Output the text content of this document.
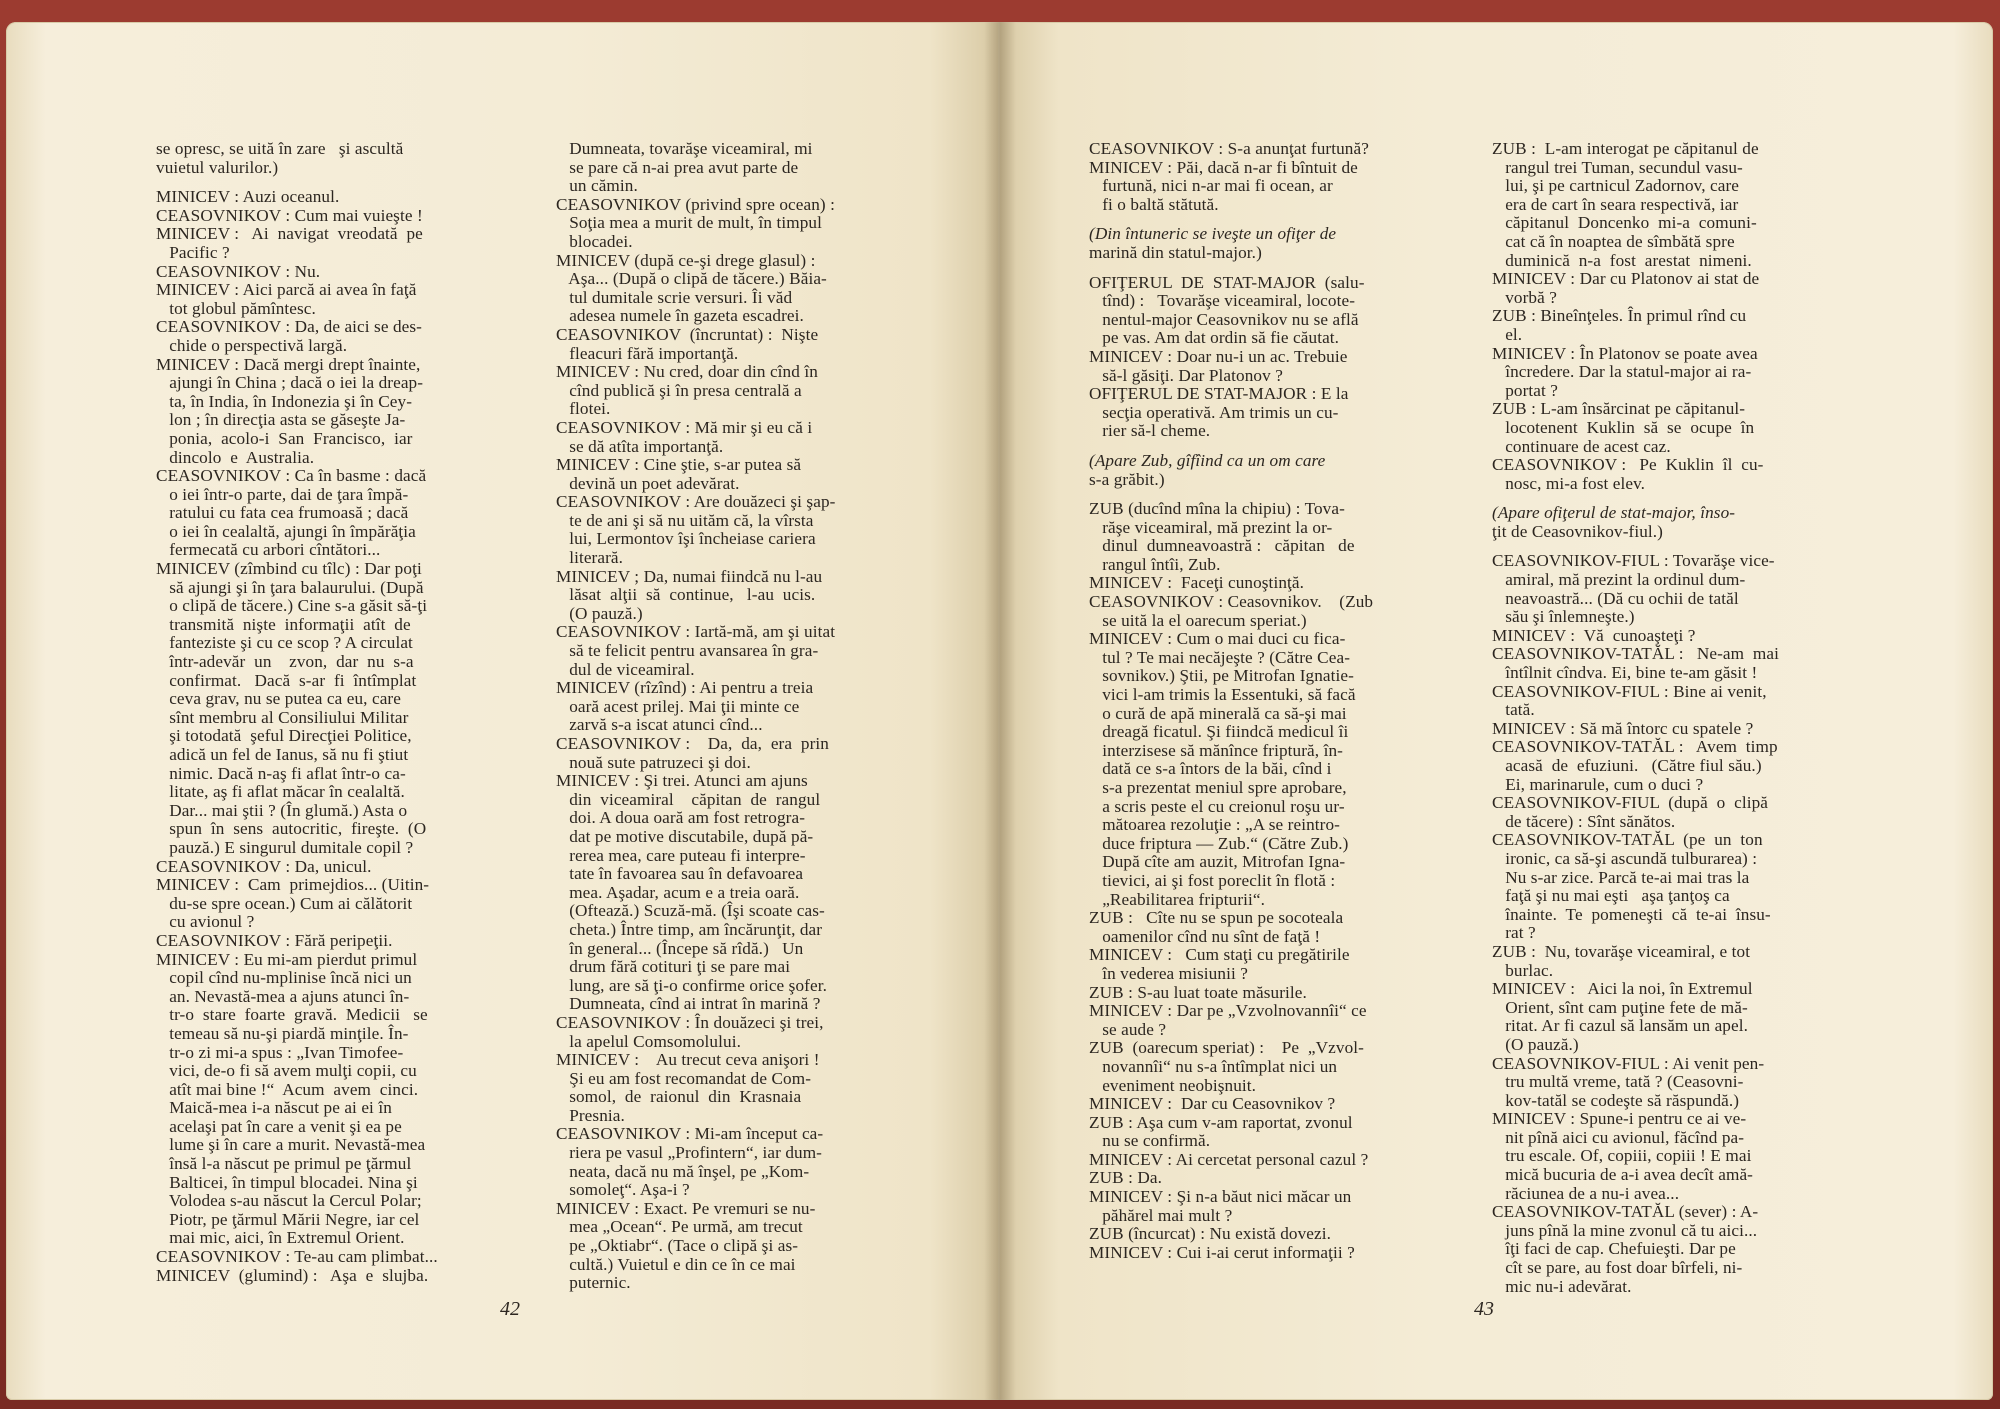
se opresc, se uită în zare   şi ascultă
vuietul valurilor.)
MINICEV : Auzi oceanul.
CEASOVNIKOV : Cum mai vuieşte !
MINICEV :   Ai  navigat  vreodată  pe
Pacific ?
CEASOVNIKOV : Nu.
MINICEV : Aici parcă ai avea în faţă
tot globul pămîntesc.
CEASOVNIKOV : Da, de aici se des-
chide o perspectivă largă.
MINICEV : Dacă mergi drept înainte,
ajungi în China ; dacă o iei la dreap-
ta, în India, în Indonezia şi în Cey-
lon ; în direcţia asta se găseşte Ja-
ponia,  acolo-i  San  Francisco,  iar
dincolo  e  Australia.
CEASOVNIKOV : Ca în basme : dacă
o iei într-o parte, dai de ţara împă-
ratului cu fata cea frumoasă ; dacă
o iei în cealaltă, ajungi în împărăţia
fermecată cu arbori cîntători...
MINICEV (zîmbind cu tîlc) : Dar poţi
să ajungi şi în ţara balaurului. (După
o clipă de tăcere.) Cine s-a găsit să-ţi
transmită  nişte  informaţii  atît  de
fanteziste şi cu ce scop ? A circulat
într-adevăr  un    zvon,  dar  nu  s-a
confirmat.   Dacă  s-ar  fi  întîmplat
ceva grav, nu se putea ca eu, care
sînt membru al Consiliului Militar
şi totodată  şeful Direcţiei Politice,
adică un fel de Ianus, să nu fi ştiut
nimic. Dacă n-aş fi aflat într-o ca-
litate, aş fi aflat măcar în cealaltă.
Dar... mai ştii ? (În glumă.) Asta o
spun  în  sens  autocritic,  fireşte.  (O
pauză.) E singurul dumitale copil ?
CEASOVNIKOV : Da, unicul.
MINICEV :  Cam  primejdios... (Uitin-
du-se spre ocean.) Cum ai călătorit
cu avionul ?
CEASOVNIKOV : Fără peripeţii.
MINICEV : Eu mi-am pierdut primul
copil cînd nu-mplinise încă nici un
an. Nevastă-mea a ajuns atunci în-
tr-o  stare  foarte  gravă.  Medicii   se
temeau să nu-şi piardă minţile. În-
tr-o zi mi-a spus : „Ivan Timofee-
vici, de-o fi să avem mulţi copii, cu
atît mai bine !“  Acum  avem  cinci.
Maică-mea i-a născut pe ai ei în
acelaşi pat în care a venit şi ea pe
lume şi în care a murit. Nevastă-mea
însă l-a născut pe primul pe ţărmul
Balticei, în timpul blocadei. Nina şi
Volodea s-au născut la Cercul Polar;
Piotr, pe ţărmul Mării Negre, iar cel
mai mic, aici, în Extremul Orient.
CEASOVNIKOV : Te-au cam plimbat...
MINICEV  (glumind) :   Aşa  e  slujba.
Dumneata, tovarăşe viceamiral, mi
se pare că n-ai prea avut parte de
un cămin.
CEASOVNIKOV (privind spre ocean) :
Soţia mea a murit de mult, în timpul
blocadei.
MINICEV (după ce-şi drege glasul) :
Aşa... (După o clipă de tăcere.) Băia-
tul dumitale scrie versuri. Îi văd
adesea numele în gazeta escadrei.
CEASOVNIKOV  (încruntat) :  Nişte
fleacuri fără importanţă.
MINICEV : Nu cred, doar din cînd în
cînd publică şi în presa centrală a
flotei.
CEASOVNIKOV : Mă mir şi eu că i
se dă atîta importanţă.
MINICEV : Cine ştie, s-ar putea să
devină un poet adevărat.
CEASOVNIKOV : Are douăzeci şi şap-
te de ani şi să nu uităm că, la vîrsta
lui, Lermontov îşi încheiase cariera
literară.
MINICEV ; Da, numai fiindcă nu l-au
lăsat  alţii  să  continue,   l-au  ucis.
(O pauză.)
CEASOVNIKOV : Iartă-mă, am şi uitat
să te felicit pentru avansarea în gra-
dul de viceamiral.
MINICEV (rîzînd) : Ai pentru a treia
oară acest prilej. Mai ţii minte ce
zarvă s-a iscat atunci cînd...
CEASOVNIKOV :    Da,  da,  era  prin
nouă sute patruzeci şi doi.
MINICEV : Şi trei. Atunci am ajuns
din  viceamiral    căpitan  de  rangul
doi. A doua oară am fost retrogra-
dat pe motive discutabile, după pă-
rerea mea, care puteau fi interpre-
tate în favoarea sau în defavoarea
mea. Aşadar, acum e a treia oară.
(Oftează.) Scuză-mă. (Îşi scoate cas-
cheta.) Între timp, am încărunţit, dar
în general... (Începe să rîdă.)   Un
drum fără cotituri ţi se pare mai
lung, are să ţi-o confirme orice şofer.
Dumneata, cînd ai intrat în marină ?
CEASOVNIKOV : În douăzeci şi trei,
la apelul Comsomolului.
MINICEV :    Au trecut ceva anişori !
Şi eu am fost recomandat de Com-
somol,  de  raionul  din  Krasnaia
Presnia.
CEASOVNIKOV : Mi-am început ca-
riera pe vasul „Profintern“, iar dum-
neata, dacă nu mă înşel, pe „Kom-
somoleţ“. Aşa-i ?
MINICEV : Exact. Pe vremuri se nu-
mea „Ocean“. Pe urmă, am trecut
pe „Oktiabr“. (Tace o clipă şi as-
cultă.) Vuietul e din ce în ce mai
puternic.
42
CEASOVNIKOV : S-a anunţat furtună?
MINICEV : Păi, dacă n-ar fi bîntuit de
furtună, nici n-ar mai fi ocean, ar
fi o baltă stătută.
(Din întuneric se iveşte un ofiţer de
marină din statul-major.)
OFIŢERUL  DE  STAT-MAJOR  (salu-
tînd) :   Tovarăşe viceamiral, locote-
nentul-major Ceasovnikov nu se află
pe vas. Am dat ordin să fie căutat.
MINICEV : Doar nu-i un ac. Trebuie
să-l găsiţi. Dar Platonov ?
OFIŢERUL DE STAT-MAJOR : E la
secţia operativă. Am trimis un cu-
rier să-l cheme.
(Apare Zub, gîfîind ca un om care
s-a grăbit.)
ZUB (ducînd mîna la chipiu) : Tova-
răşe viceamiral, mă prezint la or-
dinul  dumneavoastră :   căpitan   de
rangul întîi, Zub.
MINICEV :  Faceţi cunoştinţă.
CEASOVNIKOV : Ceasovnikov.    (Zub
se uită la el oarecum speriat.)
MINICEV : Cum o mai duci cu fica-
tul ? Te mai necăjeşte ? (Către Cea-
sovnikov.) Ştii, pe Mitrofan Ignatie-
vici l-am trimis la Essentuki, să facă
o cură de apă minerală ca să-şi mai
dreagă ficatul. Şi fiindcă medicul îi
interzisese să mănînce friptură, în-
dată ce s-a întors de la băi, cînd i
s-a prezentat meniul spre aprobare,
a scris peste el cu creionul roşu ur-
mătoarea rezoluţie : „A se reintro-
duce friptura — Zub.“ (Către Zub.)
După cîte am auzit, Mitrofan Igna-
tievici, ai şi fost poreclit în flotă :
„Reabilitarea fripturii“.
ZUB :   Cîte nu se spun pe socoteala
oamenilor cînd nu sînt de faţă !
MINICEV :   Cum staţi cu pregătirile
în vederea misiunii ?
ZUB : S-au luat toate măsurile.
MINICEV : Dar pe „Vzvolnovannîi“ ce
se aude ?
ZUB  (oarecum speriat) :    Pe  „Vzvol-
novannîi“ nu s-a întîmplat nici un
eveniment neobişnuit.
MINICEV :  Dar cu Ceasovnikov ?
ZUB : Aşa cum v-am raportat, zvonul
nu se confirmă.
MINICEV : Ai cercetat personal cazul ?
ZUB : Da.
MINICEV : Şi n-a băut nici măcar un
păhărel mai mult ?
ZUB (încurcat) : Nu există dovezi.
MINICEV : Cui i-ai cerut informaţii ?
ZUB :  L-am interogat pe căpitanul de
rangul trei Tuman, secundul vasu-
lui, şi pe cartnicul Zadornov, care
era de cart în seara respectivă, iar
căpitanul  Doncenko  mi-a  comuni-
cat că în noaptea de sîmbătă spre
duminică  n-a  fost  arestat  nimeni.
MINICEV : Dar cu Platonov ai stat de
vorbă ?
ZUB : Bineînţeles. În primul rînd cu
el.
MINICEV : În Platonov se poate avea
încredere. Dar la statul-major ai ra-
portat ?
ZUB : L-am însărcinat pe căpitanul-
locotenent  Kuklin  să  se  ocupe  în
continuare de acest caz.
CEASOVNIKOV :   Pe  Kuklin  îl  cu-
nosc, mi-a fost elev.
(Apare ofiţerul de stat-major, înso-
ţit de Ceasovnikov-fiul.)
CEASOVNIKOV-FIUL : Tovarăşe vice-
amiral, mă prezint la ordinul dum-
neavoastră... (Dă cu ochii de tatăl
său şi înlemneşte.)
MINICEV :  Vă  cunoaşteţi ?
CEASOVNIKOV-TATĂL :   Ne-am  mai
întîlnit cîndva. Ei, bine te-am găsit !
CEASOVNIKOV-FIUL : Bine ai venit,
tată.
MINICEV : Să mă întorc cu spatele ?
CEASOVNIKOV-TATĂL :   Avem  timp
acasă  de  efuziuni.   (Către fiul său.)
Ei, marinarule, cum o duci ?
CEASOVNIKOV-FIUL  (după  o  clipă
de tăcere) : Sînt sănătos.
CEASOVNIKOV-TATĂL  (pe  un  ton
ironic, ca să-şi ascundă tulburarea) :
Nu s-ar zice. Parcă te-ai mai tras la
faţă şi nu mai eşti   aşa ţanţoş ca
înainte.  Te  pomeneşti  că  te-ai  însu-
rat ?
ZUB :  Nu, tovarăşe viceamiral, e tot
burlac.
MINICEV :   Aici la noi, în Extremul
Orient, sînt cam puţine fete de mă-
ritat. Ar fi cazul să lansăm un apel.
(O pauză.)
CEASOVNIKOV-FIUL : Ai venit pen-
tru multă vreme, tată ? (Ceasovni-
kov-tatăl se codeşte să răspundă.)
MINICEV : Spune-i pentru ce ai ve-
nit pînă aici cu avionul, făcînd pa-
tru escale. Of, copiii, copiii ! E mai
mică bucuria de a-i avea decît amă-
răciunea de a nu-i avea...
CEASOVNIKOV-TATĂL (sever) : A-
juns pînă la mine zvonul că tu aici...
îţi faci de cap. Chefuieşti. Dar pe
cît se pare, au fost doar bîrfeli, ni-
mic nu-i adevărat.
43
